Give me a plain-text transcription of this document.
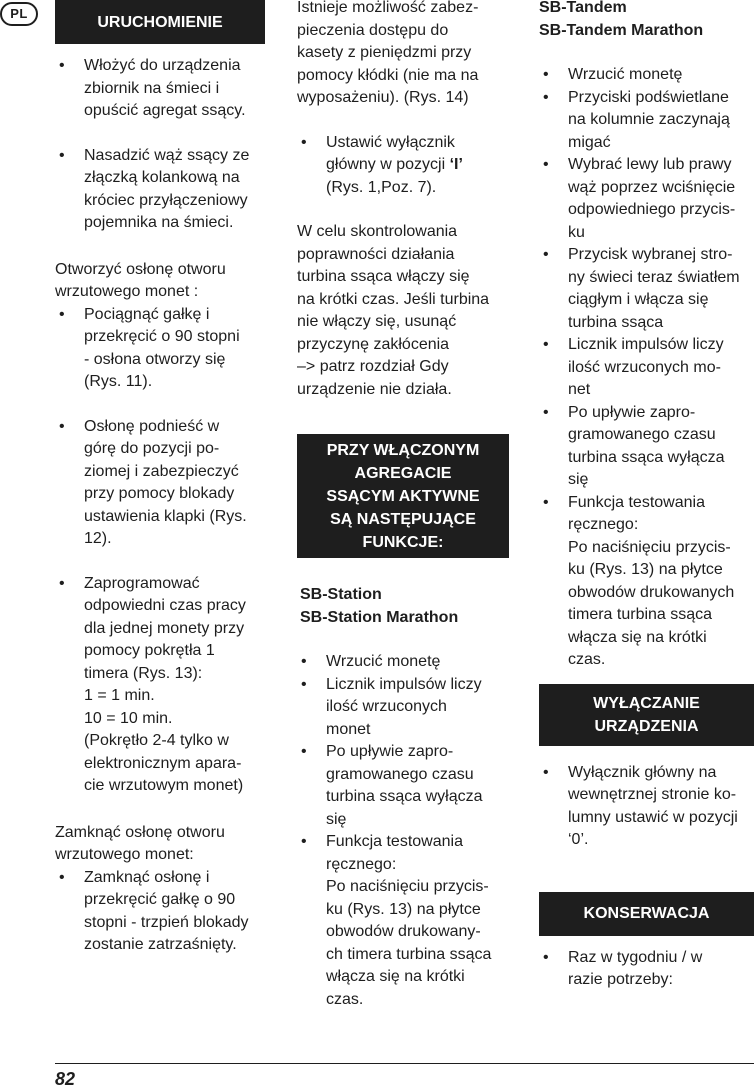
PL	URUCHOMIENIE
• Włożyć do urządzenia
zbiornik na śmieci i
opuścić agregat ssący.
• Nasadzić wąż ssący ze
złączką kolankową na
króciec przyłączeniowy
pojemnika na śmieci.

Otworzyć osłonę otworu
wrzutowego monet :

• Pociągnąć gałkę i
przekręcić o 90 stopni
- osłona otworzy się
(Rys. 11).
• Osłonę podnieść w
górę do pozycji po-
ziomej i zabezpieczyć
przy pomocy blokady
ustawienia klapki (Rys.
12).
• Zaprogramować
odpowiedni czas pracy
dla jednej monety przy
pomocy pokrętła 1
timera (Rys. 13):
1 = 1 min.
10 = 10 min.
(Pokrętło 2-4 tylko w
elektronicznym apara-
cie wrzutowym monet)

Zamknąć osłonę otworu
wrzutowego monet:

• Zamknąć osłonę i
przekręcić gałkę o 90
stopni - trzpień blokady
zostanie zatrzaśnięty.

Istnieje możliwość zabez-
pieczenia dostępu do
kasety z pieniędzmi przy
pomocy kłódki (nie ma na
wyposażeniu). (Rys. 14)

• Ustawić wyłącznik
główny w pozycji ‘I’
(Rys. 1,Poz. 7).

W celu skontrolowania
poprawności działania
turbina ssąca włączy się
na krótki czas. Jeśli turbina
nie włączy się, usunąć
przyczynę zakłócenia
–> patrz rozdział Gdy
urządzenie nie działa.

PRZY WŁĄCZONYM
AGREGACIE
SSĄCYM AKTYWNE
SĄ NASTĘPUJĄCE
FUNKCJE:

SB-Station

SB-Station Marathon

• Wrzucić monetę
• Licznik impulsów liczy
ilość wrzuconych
monet
• Po upływie zapro-
gramowanego czasu
turbina ssąca wyłącza
się
• Funkcja testowania
ręcznego:
Po naciśnięciu przycis-
ku (Rys. 13) na płytce
obwodów drukowany-
ch timera turbina ssąca
włącza się na krótki
czas.

SB-Tandem

SB-Tandem Marathon

• Wrzucić monetę
• Przyciski podświetlane
na kolumnie zaczynają
migać
• Wybrać lewy lub prawy
wąż poprzez wciśnięcie
odpowiedniego przycis-
ku
• Przycisk wybranej stro-
ny świeci teraz światłem
ciągłym i włącza się
turbina ssąca
• Licznik impulsów liczy
ilość wrzuconych mo-
net
• Po upływie zapro-
gramowanego czasu
turbina ssąca wyłącza
się
• Funkcja testowania
ręcznego:
Po naciśnięciu przycis-
ku (Rys. 13) na płytce
obwodów drukowanych
timera turbina ssąca
włącza się na krótki
czas.
WYŁĄCZANIE
URZĄDZENIA
• Wyłącznik główny na
wewnętrznej stronie ko-
lumny ustawić w pozycji
‘0’.
KONSERWACJA
• Raz w tygodniu / w
razie potrzeby:
82
